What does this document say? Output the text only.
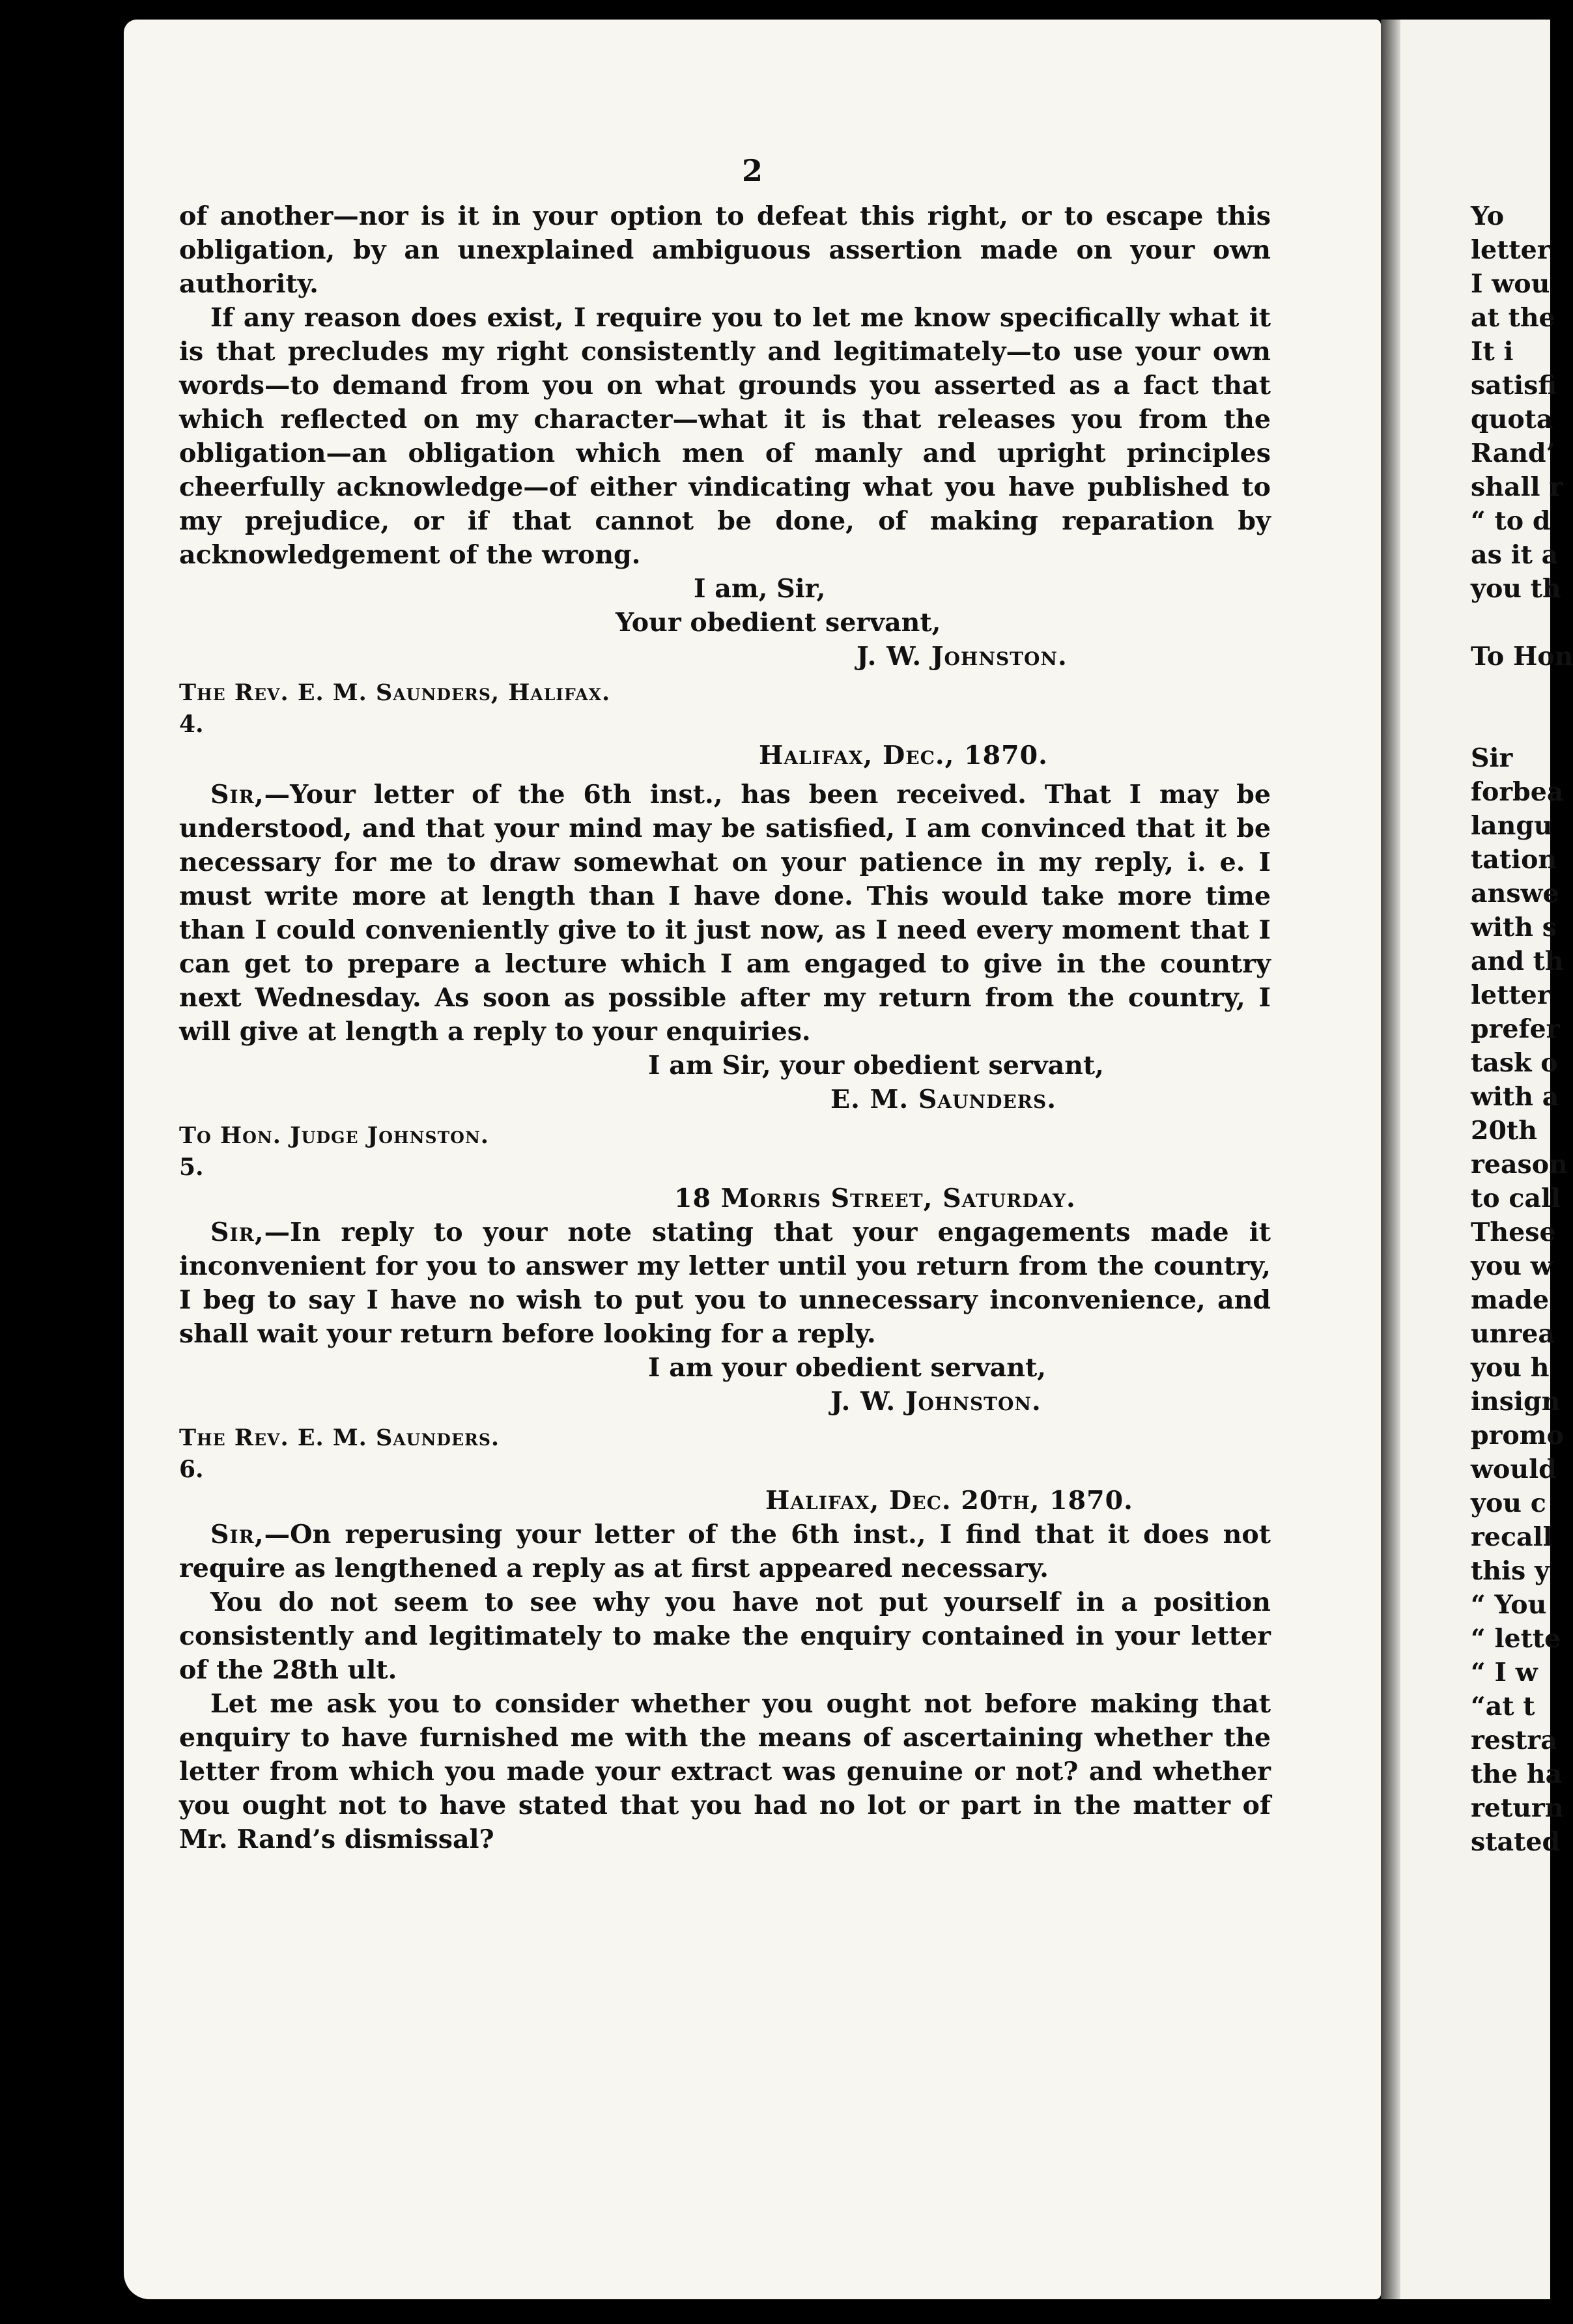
2

of another—nor is it in your option to defeat this right, or to escape this obligation, by an unexplained ambiguous assertion made on your own authority.

If any reason does exist, I require you to let me know specifically what it is that precludes my right consistently and legitimately—to use your own words—to demand from you on what grounds you asserted as a fact that which reflected on my character—what it is that releases you from the obligation—an obligation which men of manly and upright principles cheerfully acknowledge—of either vindicating what you have published to my prejudice, or if that cannot be done, of making reparation by acknowledgement of the wrong.

I am, Sir,
Your obedient servant,
J. W. Johnston.
The Rev. E. M. Saunders, Halifax.

4.

Halifax, Dec., 1870.

Sir,—Your letter of the 6th inst., has been received. That I may be understood, and that your mind may be satisfied, I am convinced that it be necessary for me to draw somewhat on your patience in my reply, i. e. I must write more at length than I have done. This would take more time than I could conveniently give to it just now, as I need every moment that I can get to prepare a lecture which I am engaged to give in the country next Wednesday. As soon as possible after my return from the country, I will give at length a reply to your enquiries.

I am Sir, your obedient servant,
E. M. Saunders.
To Hon. Judge Johnston.

5.

18 Morris Street, Saturday.

Sir,—In reply to your note stating that your engagements made it inconvenient for you to answer my letter until you return from the country, I beg to say I have no wish to put you to unnecessary inconvenience, and shall wait your return before looking for a reply.

I am your obedient servant,
J. W. Johnston.
The Rev. E. M. Saunders.

6.

Halifax, Dec. 20th, 1870.

Sir,—On reperusing your letter of the 6th inst., I find that it does not require as lengthened a reply as at first appeared necessary.

You do not seem to see why you have not put yourself in a position consistently and legitimately to make the enquiry contained in your letter of the 28th ult.

Let me ask you to consider whether you ought not before making that enquiry to have furnished me with the means of ascertaining whether the letter from which you made your extract was genuine or not? and whether you ought not to have stated that you had no lot or part in the matter of Mr. Rand’s dismissal?

Yo
letter
I wou
at the
It i
satisfi
quota
Rand’
shall r
“ to d
as it a
you th
To Hon
Sir
forbea
langu
tation
answe
with s
and th
letter
prefer
task o
with a
20th
reason
to call
These
you w
made
unrea
you h
insign
promo
would
you c
recall
this y
“ You
“ lette
“ I w
“at t
restra
the ha
return
stated
